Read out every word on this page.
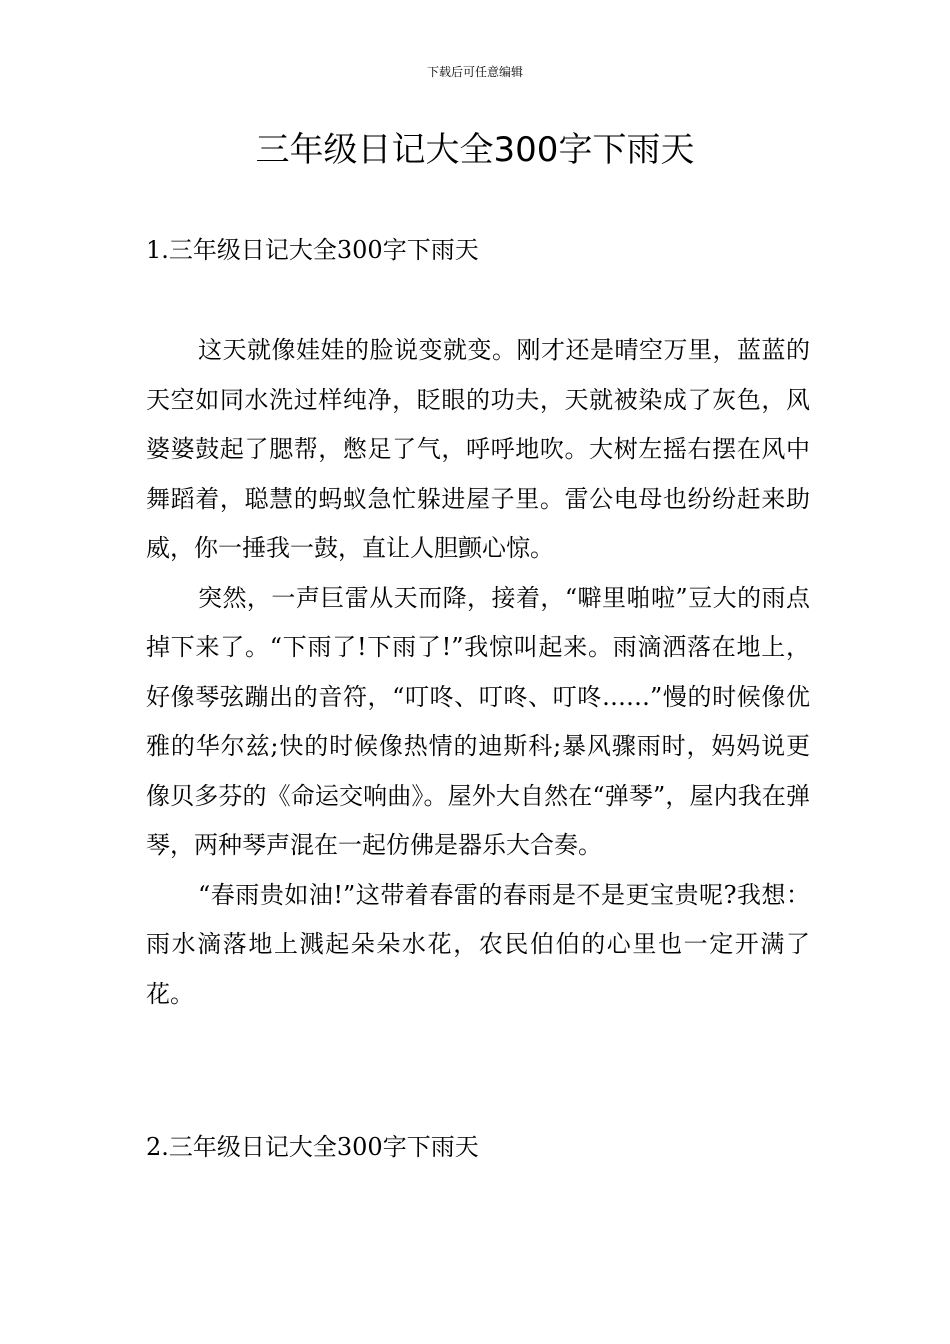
下载后可任意编辑
三年级日记大全300字下雨天
1.三年级日记大全300字下雨天

这天就像娃娃的脸说变就变。刚才还是晴空万里，蓝蓝的天空如同水洗过样纯净，眨眼的功夫，天就被染成了灰色，风婆婆鼓起了腮帮，憋足了气，呼呼地吹。大树左摇右摆在风中舞蹈着，聪慧的蚂蚁急忙躲进屋子里。雷公电母也纷纷赶来助威，你一捶我一鼓，直让人胆颤心惊。

突然，一声巨雷从天而降，接着，“噼里啪啦”豆大的雨点掉下来了。“下雨了!下雨了!”我惊叫起来。雨滴洒落在地上，好像琴弦蹦出的音符，“叮咚、叮咚、叮咚……”慢的时候像优雅的华尔兹;快的时候像热情的迪斯科;暴风骤雨时，妈妈说更像贝多芬的《命运交响曲》。屋外大自然在“弹琴”，屋内我在弹琴，两种琴声混在一起仿佛是器乐大合奏。

“春雨贵如油!”这带着春雷的春雨是不是更宝贵呢?我想：雨水滴落地上溅起朵朵水花，农民伯伯的心里也一定开满了花。

2.三年级日记大全300字下雨天
